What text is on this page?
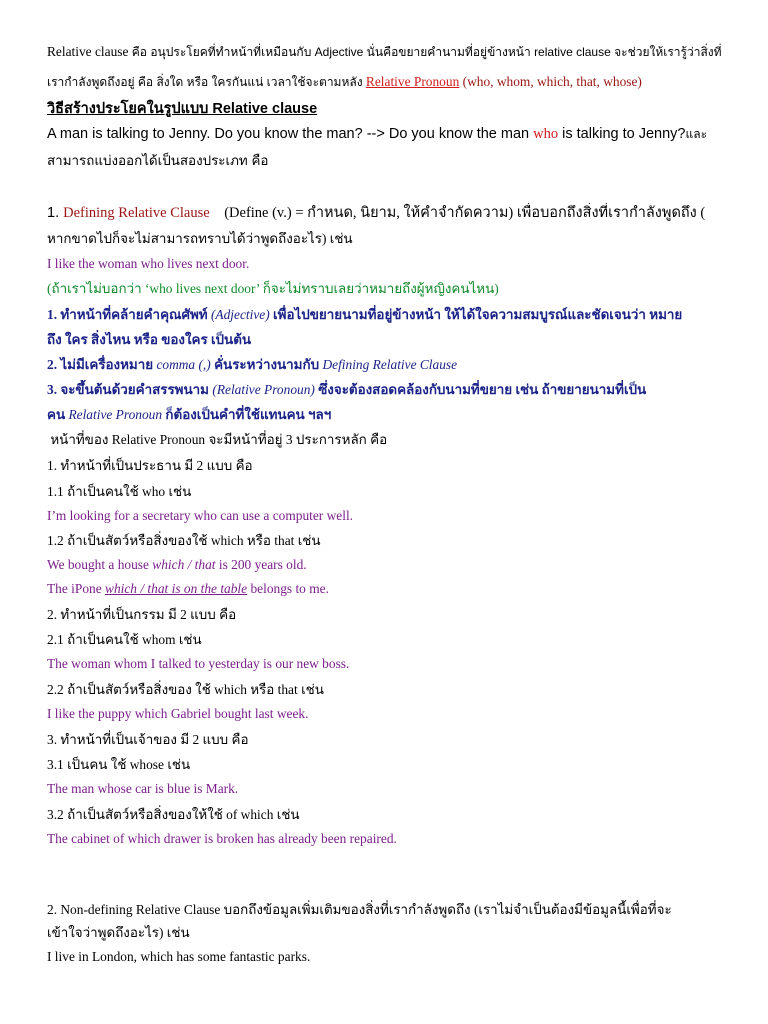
Relative clause คือ อนุประโยคที่ทำหน้าที่เหมือนกับ Adjective นั่นคือขยายคำนามที่อยู่ข้างหน้า relative clause จะช่วยให้เรารู้ว่าสิ่งที่
เรากำลังพูดถึงอยู่ คือ สิ่งใด หรือ ใครกันแน่ เวลาใช้จะตามหลัง Relative Pronoun (who, whom, which, that, whose)
วิธีสร้างประโยคในรูปแบบ Relative clause
A man is talking to Jenny. Do you know the man? --> Do you know the man who is talking to Jenny?และ
สามารถแบ่งออกได้เป็นสองประเภท คือ
1. Defining Relative Clause    (Define (v.) = กำหนด, นิยาม, ให้คำจำกัดความ) เพื่อบอกถึงสิ่งที่เรากำลังพูดถึง (
หากขาดไปก็จะไม่สามารถทราบได้ว่าพูดถึงอะไร) เช่น
I like the woman who lives next door.
(ถ้าเราไม่บอกว่า ‘who lives next door’ ก็จะไม่ทราบเลยว่าหมายถึงผู้หญิงคนไหน)
1. ทำหน้าที่คล้ายคำคุณศัพท์ (Adjective) เพื่อไปขยายนามที่อยู่ข้างหน้า ให้ได้ใจความสมบูรณ์และชัดเจนว่า หมาย
ถึง ใคร สิ่งไหน หรือ ของใคร เป็นต้น
2. ไม่มีเครื่องหมาย comma (,) คั่นระหว่างนามกับ Defining Relative Clause
3. จะขึ้นต้นด้วยคำสรรพนาม (Relative Pronoun) ซึ่งจะต้องสอดคล้องกับนามที่ขยาย เช่น ถ้าขยายนามที่เป็น
คน Relative Pronoun ก็ต้องเป็นคำที่ใช้แทนคน ฯลฯ
หน้าที่ของ Relative Pronoun จะมีหน้าที่อยู่ 3 ประการหลัก คือ
1. ทำหน้าที่เป็นประธาน มี 2 แบบ คือ
1.1 ถ้าเป็นคนใช้ who เช่น
I’m looking for a secretary who can use a computer well.
1.2 ถ้าเป็นสัตว์หรือสิ่งของใช้ which หรือ that เช่น
We bought a house which / that is 200 years old.
The iPone which / that is on the table belongs to me.
2. ทำหน้าที่เป็นกรรม มี 2 แบบ คือ
2.1 ถ้าเป็นคนใช้ whom เช่น
The woman whom I talked to yesterday is our new boss.
2.2 ถ้าเป็นสัตว์หรือสิ่งของ ใช้ which หรือ that เช่น
I like the puppy which Gabriel bought last week.
3. ทำหน้าที่เป็นเจ้าของ มี 2 แบบ คือ
3.1 เป็นคน ใช้ whose เช่น
The man whose car is blue is Mark.
3.2 ถ้าเป็นสัตว์หรือสิ่งของให้ใช้ of which เช่น
The cabinet of which drawer is broken has already been repaired.
2. Non-defining Relative Clause บอกถึงข้อมูลเพิ่มเติมของสิ่งที่เรากำลังพูดถึง (เราไม่จำเป็นต้องมีข้อมูลนี้เพื่อที่จะ
เข้าใจว่าพูดถึงอะไร) เช่น
I live in London, which has some fantastic parks.
